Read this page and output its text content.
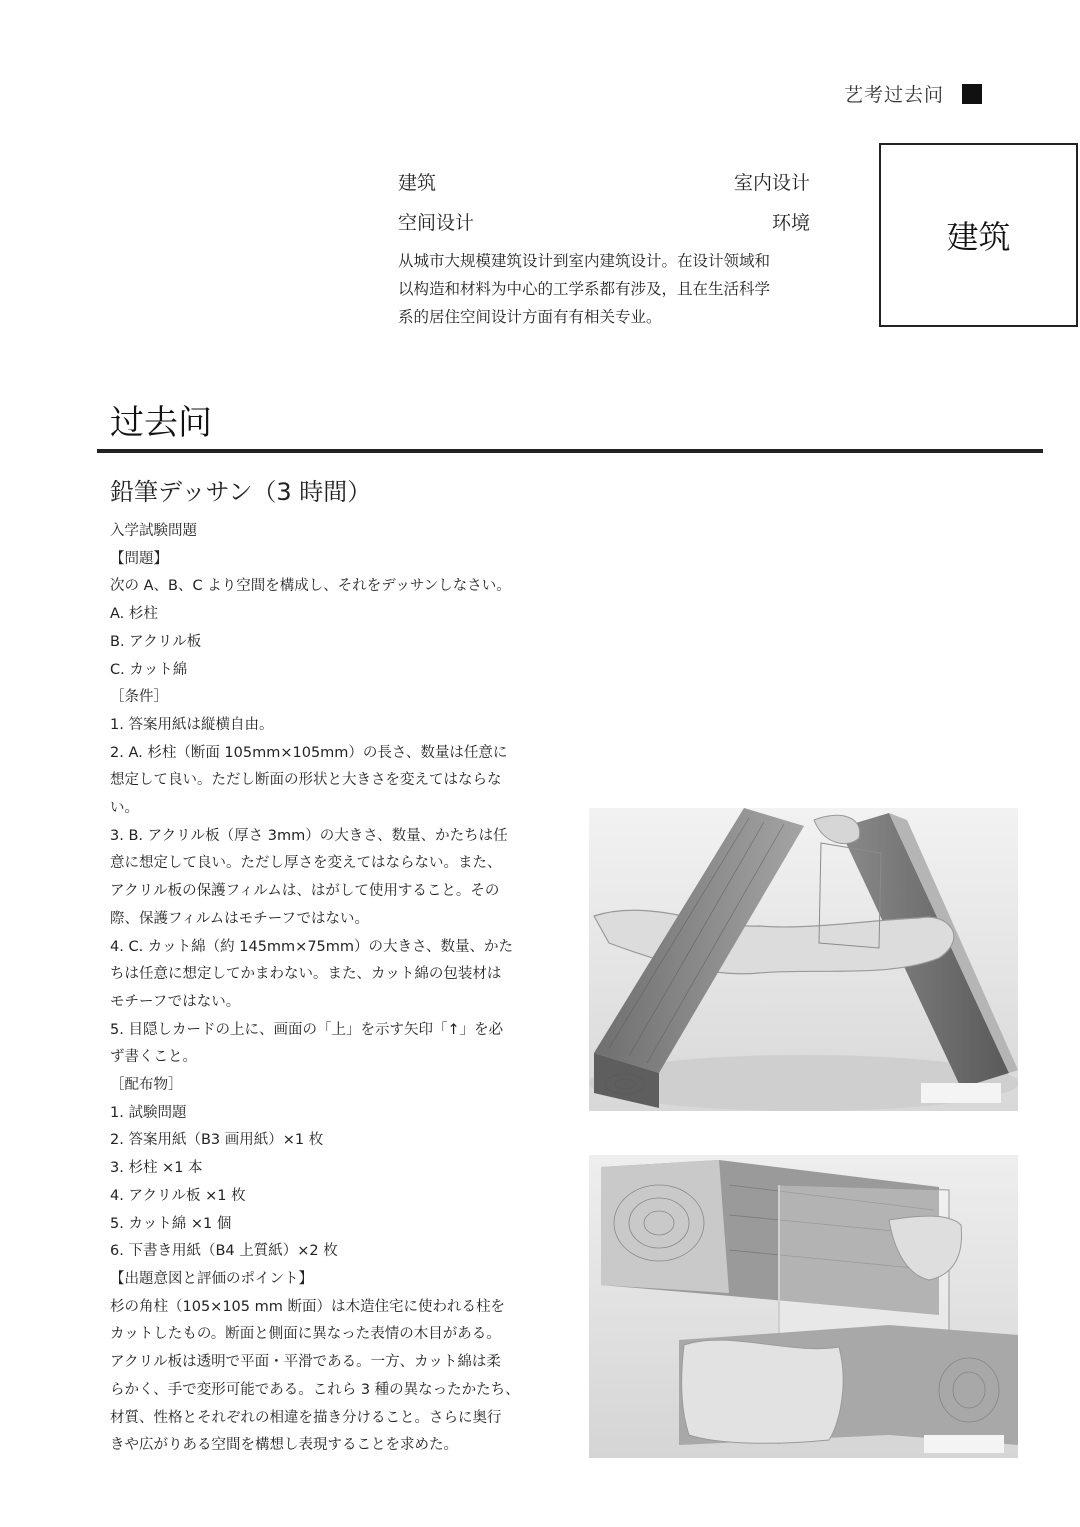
艺考过去问
建筑	室内设计
空间设计	环境
从城市大规模建筑设计到室内建筑设计。在设计领域和
以构造和材料为中心的工学系都有涉及，且在生活科学
系的居住空间设计方面有有相关专业。
建筑
过去问
鉛筆デッサン（3 時間）
入学試験問題
【問題】
次の A、B、C より空間を構成し、それをデッサンしなさい。
A. 杉柱
B. アクリル板
C. カット綿
［条件］
1. 答案用紙は縦横自由。
2. A. 杉柱（断面 105mm×105mm）の長さ、数量は任意に
想定して良い。ただし断面の形状と大きさを変えてはならな
い。
3. B. アクリル板（厚さ 3mm）の大きさ、数量、かたちは任
意に想定して良い。ただし厚さを変えてはならない。また、
アクリル板の保護フィルムは、はがして使用すること。その
際、保護フィルムはモチーフではない。
4. C. カット綿（約 145mm×75mm）の大きさ、数量、かた
ちは任意に想定してかまわない。また、カット綿の包装材は
モチーフではない。
5. 目隠しカードの上に、画面の「上」を示す矢印「↑」を必
ず書くこと。
［配布物］
1. 試験問題
2. 答案用紙（B3 画用紙）×1 枚
3. 杉柱 ×1 本
4. アクリル板 ×1 枚
5. カット綿 ×1 個
6. 下書き用紙（B4 上質紙）×2 枚
【出題意図と評価のポイント】
杉の角柱（105×105 mm 断面）は木造住宅に使われる柱を
カットしたもの。断面と側面に異なった表情の木目がある。
アクリル板は透明で平面・平滑である。一方、カット綿は柔
らかく、手で変形可能である。これら 3 種の異なったかたち、
材質、性格とそれぞれの相違を描き分けること。さらに奥行
きや広がりある空間を構想し表現することを求めた。
